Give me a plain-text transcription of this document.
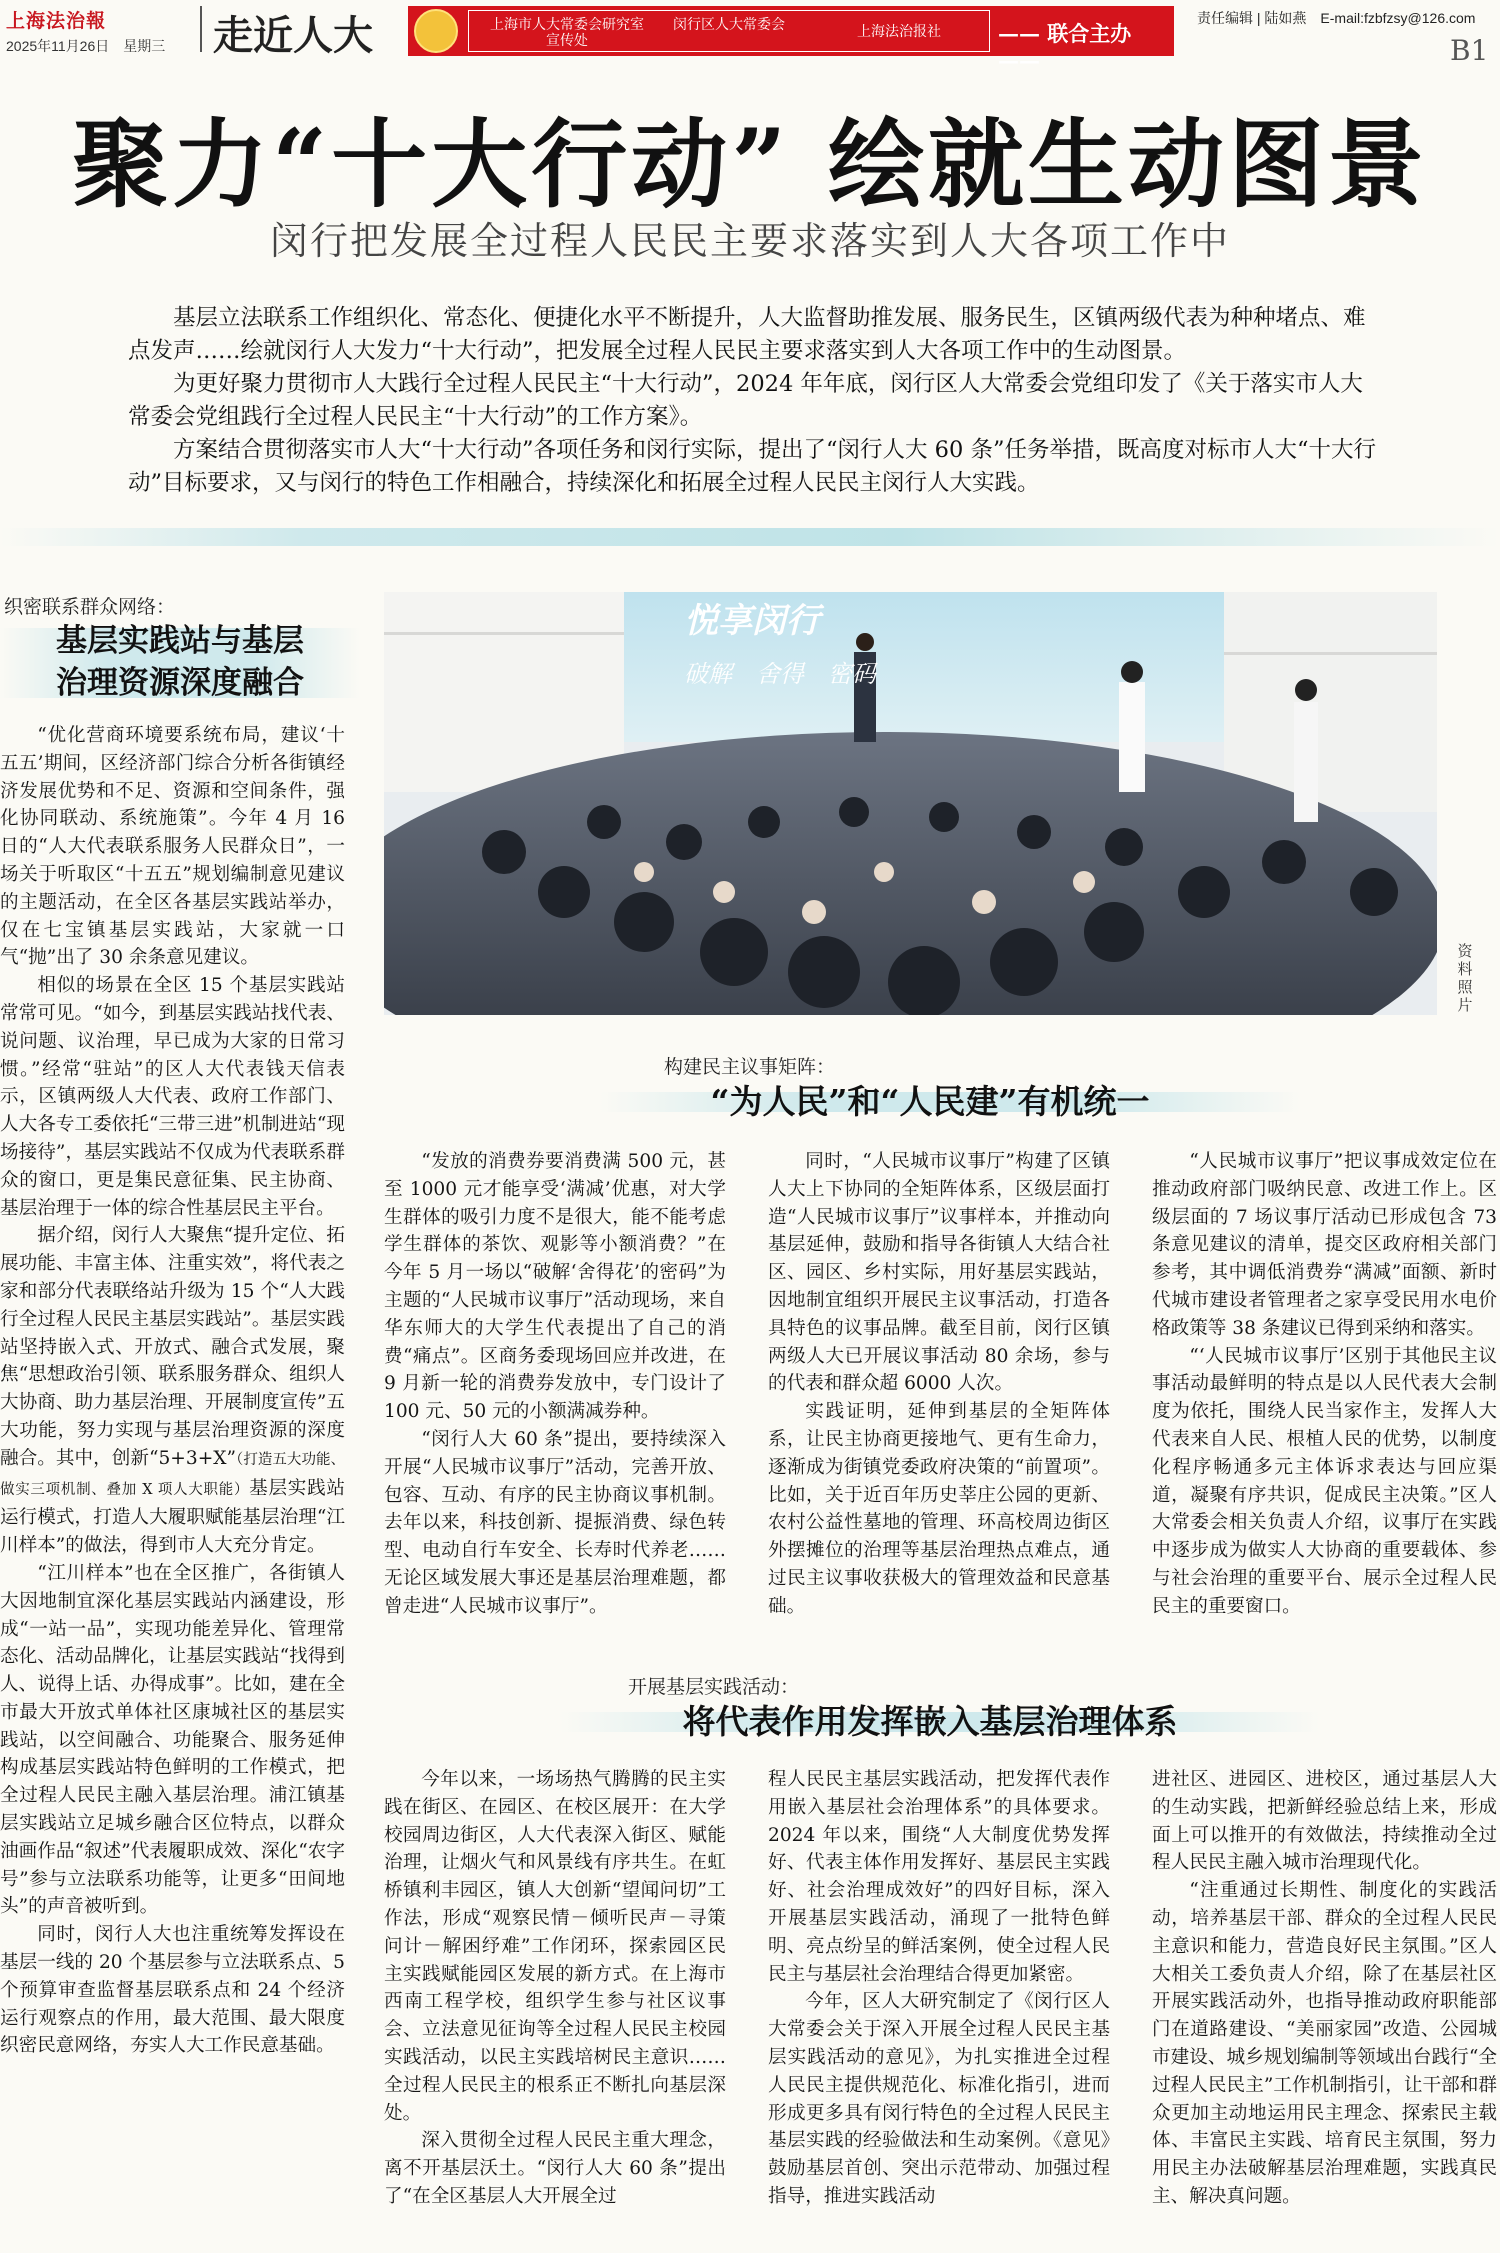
上海法治報
2025年11月26日　星期三 走近人大	上海市人大常委会研究室宣传处
闵行区人大常委会	上海法治报社	—— 联合主办 ——
责任编辑 | 陆如燕　E-mail:fzbfzsy@126.com
B1
聚力“十大行动” 绘就生动图景
闵行把发展全过程人民民主要求落实到人大各项工作中

基层立法联系工作组织化、常态化、便捷化水平不断提升，人大监督助推发展、服务民生，区镇两级代表为种种堵点、难点发声……绘就闵行人大发力“十大行动”，把发展全过程人民民主要求落实到人大各项工作中的生动图景。

为更好聚力贯彻市人大践行全过程人民民主“十大行动”，2024 年年底，闵行区人大常委会党组印发了《关于落实市人大常委会党组践行全过程人民民主“十大行动”的工作方案》。

方案结合贯彻落实市人大“十大行动”各项任务和闵行实际，提出了“闵行人大 60 条”任务举措，既高度对标市人大“十大行动”目标要求，又与闵行的特色工作相融合，持续深化和拓展全过程人民民主闵行人大实践。

织密联系群众网络：
基层实践站与基层
治理资源深度融合

“优化营商环境要系统布局，建议‘十五五’期间，区经济部门综合分析各街镇经济发展优势和不足、资源和空间条件，强化协同联动、系统施策”。今年 4 月 16 日的“人大代表联系服务人民群众日”，一场关于听取区“十五五”规划编制意见建议的主题活动，在全区各基层实践站举办，仅在七宝镇基层实践站，大家就一口气“抛”出了 30 余条意见建议。

相似的场景在全区 15 个基层实践站常常可见。“如今，到基层实践站找代表、说问题、议治理，早已成为大家的日常习惯。”经常“驻站”的区人大代表钱天信表示，区镇两级人大代表、政府工作部门、人大各专工委依托“三带三进”机制进站“现场接待”，基层实践站不仅成为代表联系群众的窗口，更是集民意征集、民主协商、基层治理于一体的综合性基层民主平台。

据介绍，闵行人大聚焦“提升定位、拓展功能、丰富主体、注重实效”，将代表之家和部分代表联络站升级为 15 个“人大践行全过程人民民主基层实践站”。基层实践站坚持嵌入式、开放式、融合式发展，聚焦“思想政治引领、联系服务群众、组织人大协商、助力基层治理、开展制度宣传”五大功能，努力实现与基层治理资源的深度融合。其中，创新“5+3+X”（打造五大功能、做实三项机制、叠加 X 项人大职能）基层实践站运行模式，打造人大履职赋能基层治理“江川样本”的做法，得到市人大充分肯定。

“江川样本”也在全区推广，各街镇人大因地制宜深化基层实践站内涵建设，形成“一站一品”，实现功能差异化、管理常态化、活动品牌化，让基层实践站“找得到人、说得上话、办得成事”。比如，建在全市最大开放式单体社区康城社区的基层实践站，以空间融合、功能聚合、服务延伸构成基层实践站特色鲜明的工作模式，把全过程人民民主融入基层治理。浦江镇基层实践站立足城乡融合区位特点，以群众油画作品“叙述”代表履职成效、深化“农字号”参与立法联系功能等，让更多“田间地头”的声音被听到。

同时，闵行人大也注重统筹发挥设在基层一线的 20 个基层参与立法联系点、5 个预算审查监督基层联系点和 24 个经济运行观察点的作用，最大范围、最大限度织密民意网络，夯实人大工作民意基础。

悦享闵行
破解　舍得　密码
资料照片
构建民主议事矩阵：
“为人民”和“人民建”有机统一

“发放的消费券要消费满 500 元，甚至 1000 元才能享受‘满减’优惠，对大学生群体的吸引力度不是很大，能不能考虑学生群体的茶饮、观影等小额消费？”在今年 5 月一场以“破解‘舍得花’的密码”为主题的“人民城市议事厅”活动现场，来自华东师大的大学生代表提出了自己的消费“痛点”。区商务委现场回应并改进，在 9 月新一轮的消费券发放中，专门设计了 100 元、50 元的小额满减券种。

“闵行人大 60 条”提出，要持续深入开展“人民城市议事厅”活动，完善开放、包容、互动、有序的民主协商议事机制。去年以来，科技创新、提振消费、绿色转型、电动自行车安全、长寿时代养老……无论区域发展大事还是基层治理难题，都曾走进“人民城市议事厅”。

同时，“人民城市议事厅”构建了区镇人大上下协同的全矩阵体系，区级层面打造“人民城市议事厅”议事样本，并推动向基层延伸，鼓励和指导各街镇人大结合社区、园区、乡村实际，用好基层实践站，因地制宜组织开展民主议事活动，打造各具特色的议事品牌。截至目前，闵行区镇两级人大已开展议事活动 80 余场，参与的代表和群众超 6000 人次。

实践证明，延伸到基层的全矩阵体系，让民主协商更接地气、更有生命力，逐渐成为街镇党委政府决策的“前置项”。比如，关于近百年历史莘庄公园的更新、农村公益性墓地的管理、环高校周边街区外摆摊位的治理等基层治理热点难点，通过民主议事收获极大的管理效益和民意基础。

“人民城市议事厅”把议事成效定位在推动政府部门吸纳民意、改进工作上。区级层面的 7 场议事厅活动已形成包含 73 条意见建议的清单，提交区政府相关部门参考，其中调低消费券“满减”面额、新时代城市建设者管理者之家享受民用水电价格政策等 38 条建议已得到采纳和落实。

“‘人民城市议事厅’区别于其他民主议事活动最鲜明的特点是以人民代表大会制度为依托，围绕人民当家作主，发挥人大代表来自人民、根植人民的优势，以制度化程序畅通多元主体诉求表达与回应渠道，凝聚有序共识，促成民主决策。”区人大常委会相关负责人介绍，议事厅在实践中逐步成为做实人大协商的重要载体、参与社会治理的重要平台、展示全过程人民民主的重要窗口。

开展基层实践活动：
将代表作用发挥嵌入基层治理体系

今年以来，一场场热气腾腾的民主实践在街区、在园区、在校区展开：在大学校园周边街区，人大代表深入街区、赋能治理，让烟火气和风景线有序共生。在虹桥镇利丰园区，镇人大创新“望闻问切”工作法，形成“观察民情－倾听民声－寻策问计－解困纾难”工作闭环，探索园区民主实践赋能园区发展的新方式。在上海市西南工程学校，组织学生参与社区议事会、立法意见征询等全过程人民民主校园实践活动，以民主实践培树民主意识……全过程人民民主的根系正不断扎向基层深处。

深入贯彻全过程人民民主重大理念，离不开基层沃土。“闵行人大 60 条”提出了“在全区基层人大开展全过

程人民民主基层实践活动，把发挥代表作用嵌入基层社会治理体系”的具体要求。2024 年以来，围绕“人大制度优势发挥好、代表主体作用发挥好、基层民主实践好、社会治理成效好”的四好目标，深入开展基层实践活动，涌现了一批特色鲜明、亮点纷呈的鲜活案例，使全过程人民民主与基层社会治理结合得更加紧密。

今年，区人大研究制定了《闵行区人大常委会关于深入开展全过程人民民主基层实践活动的意见》，为扎实推进全过程人民民主提供规范化、标准化指引，进而形成更多具有闵行特色的全过程人民民主基层实践的经验做法和生动案例。《意见》鼓励基层首创、突出示范带动、加强过程指导，推进实践活动

进社区、进园区、进校区，通过基层人大的生动实践，把新鲜经验总结上来，形成面上可以推开的有效做法，持续推动全过程人民民主融入城市治理现代化。

“注重通过长期性、制度化的实践活动，培养基层干部、群众的全过程人民民主意识和能力，营造良好民主氛围。”区人大相关工委负责人介绍，除了在基层社区开展实践活动外，也指导推动政府职能部门在道路建设、“美丽家园”改造、公园城市建设、城乡规划编制等领域出台践行“全过程人民民主”工作机制指引，让干部和群众更加主动地运用民主理念、探索民主载体、丰富民主实践、培育民主氛围，努力用民主办法破解基层治理难题，实践真民主、解决真问题。
